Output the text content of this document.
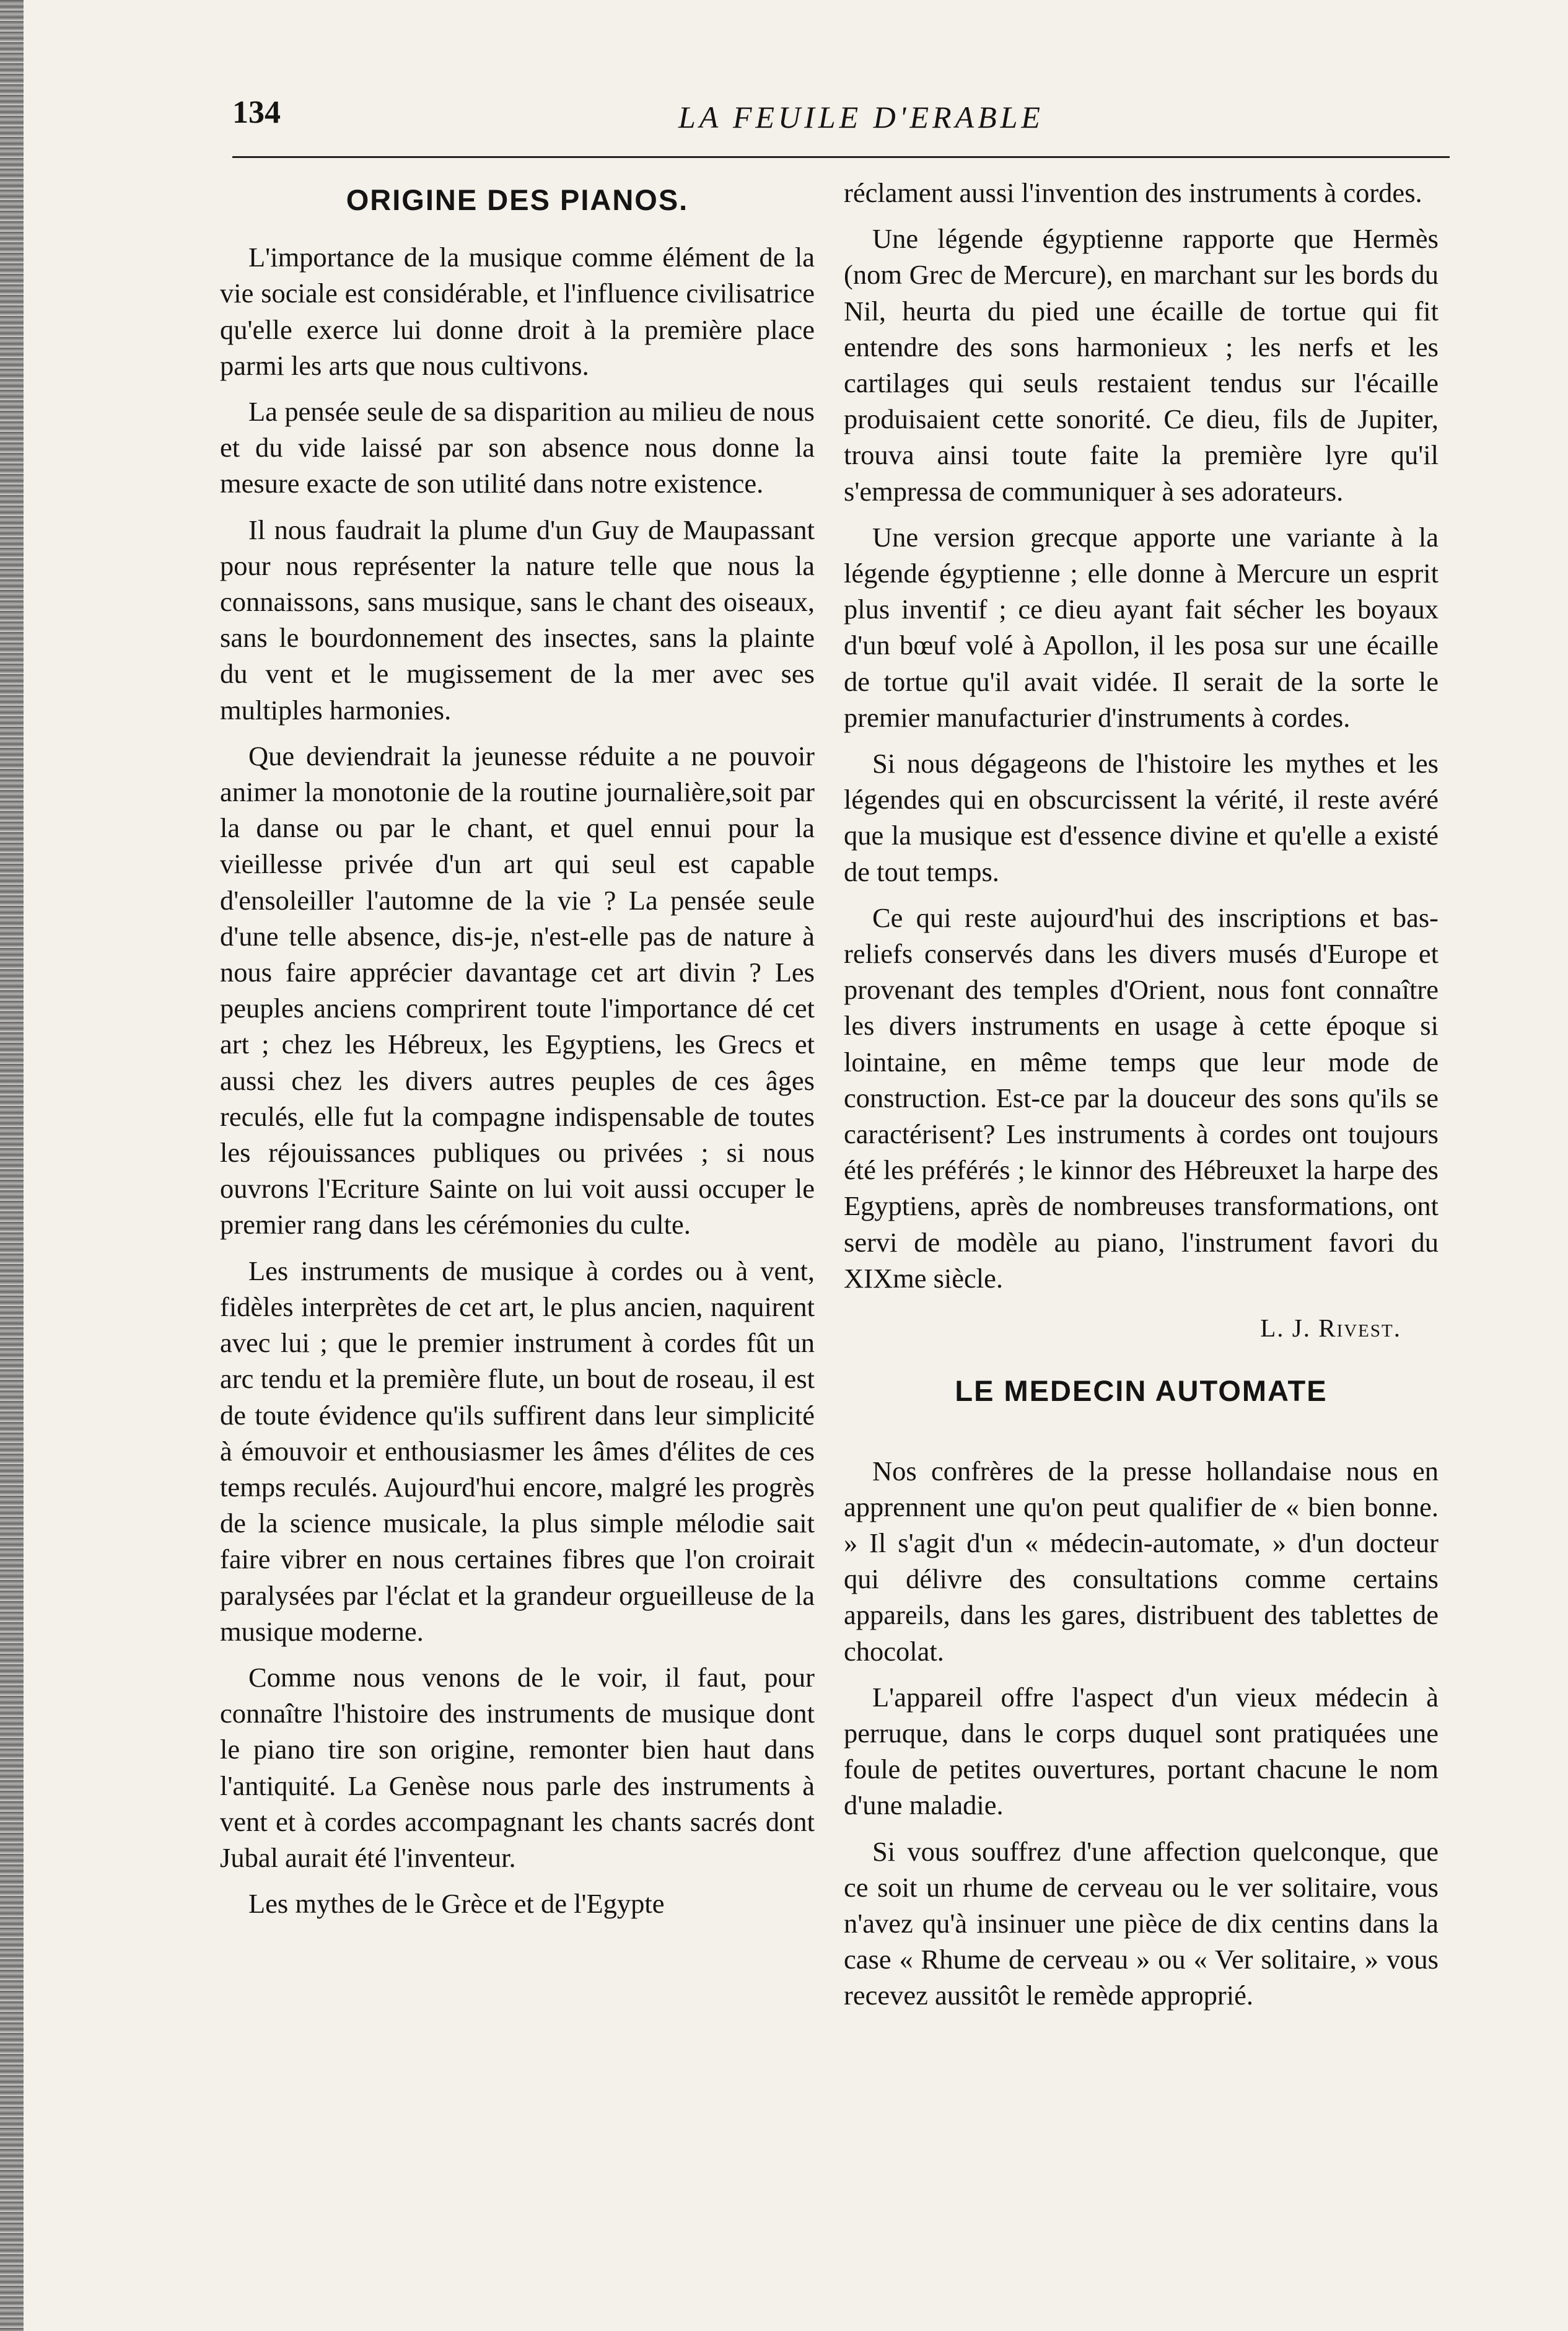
134	LA FEUILE D'ERABLE
ORIGINE DES PIANOS.

L'importance de la musique comme élément de la vie sociale est considérable, et l'influence civilisatrice qu'elle exerce lui donne droit à la première place parmi les arts que nous cultivons.

La pensée seule de sa disparition au milieu de nous et du vide laissé par son absence nous donne la mesure exacte de son utilité dans notre existence.

Il nous faudrait la plume d'un Guy de Maupassant pour nous représenter la nature telle que nous la connaissons, sans musique, sans le chant des oiseaux, sans le bourdonnement des insectes, sans la plainte du vent et le mugissement de la mer avec ses multiples harmonies.

Que deviendrait la jeunesse réduite a ne pouvoir animer la monotonie de la routine journalière,soit par la danse ou par le chant, et quel ennui pour la vieillesse privée d'un art qui seul est capable d'ensoleiller l'automne de la vie ? La pensée seule d'une telle absence, dis-je, n'est-elle pas de nature à nous faire apprécier davantage cet art divin ? Les peuples anciens comprirent toute l'importance dé cet art ; chez les Hébreux, les Egyptiens, les Grecs et aussi chez les divers autres peuples de ces âges reculés, elle fut la compagne indispensable de toutes les réjouissances publiques ou privées ; si nous ouvrons l'Ecriture Sainte on lui voit aussi occuper le premier rang dans les cérémonies du culte.

Les instruments de musique à cordes ou à vent, fidèles interprètes de cet art, le plus ancien, naquirent avec lui ; que le premier instrument à cordes fût un arc tendu et la première flute, un bout de roseau, il est de toute évidence qu'ils suffirent dans leur simplicité à émouvoir et enthousiasmer les âmes d'élites de ces temps reculés. Aujourd'hui encore, malgré les progrès de la science musicale, la plus simple mélodie sait faire vibrer en nous certaines fibres que l'on croirait paralysées par l'éclat et la grandeur orgueilleuse de la musique moderne.

Comme nous venons de le voir, il faut, pour connaître l'histoire des instruments de musique dont le piano tire son origine, remonter bien haut dans l'antiquité. La Genèse nous parle des instruments à vent et à cordes accompagnant les chants sacrés dont Jubal aurait été l'inventeur.

Les mythes de le Grèce et de l'Egypte

réclament aussi l'invention des instruments à cordes.

Une légende égyptienne rapporte que Hermès (nom Grec de Mercure), en marchant sur les bords du Nil, heurta du pied une écaille de tortue qui fit entendre des sons harmonieux ; les nerfs et les cartilages qui seuls restaient tendus sur l'écaille produisaient cette sonorité. Ce dieu, fils de Jupiter, trouva ainsi toute faite la première lyre qu'il s'empressa de communiquer à ses adorateurs.

Une version grecque apporte une variante à la légende égyptienne ; elle donne à Mercure un esprit plus inventif ; ce dieu ayant fait sécher les boyaux d'un bœuf volé à Apollon, il les posa sur une écaille de tortue qu'il avait vidée. Il serait de la sorte le premier manufacturier d'instruments à cordes.

Si nous dégageons de l'histoire les mythes et les légendes qui en obscurcissent la vérité, il reste avéré que la musique est d'essence divine et qu'elle a existé de tout temps.

Ce qui reste aujourd'hui des inscriptions et bas-reliefs conservés dans les divers musés d'Europe et provenant des temples d'Orient, nous font connaître les divers instruments en usage à cette époque si lointaine, en même temps que leur mode de construction. Est-ce par la douceur des sons qu'ils se caractérisent? Les instruments à cordes ont toujours été les préférés ; le kinnor des Hébreuxet la harpe des Egyptiens, après de nombreuses transformations, ont servi de modèle au piano, l'instrument favori du XIXme siècle.

L. J. Rivest.
LE MEDECIN AUTOMATE

Nos confrères de la presse hollandaise nous en apprennent une qu'on peut qualifier de « bien bonne. » Il s'agit d'un « médecin-automate, » d'un docteur qui délivre des consultations comme certains appareils, dans les gares, distribuent des tablettes de chocolat.

L'appareil offre l'aspect d'un vieux médecin à perruque, dans le corps duquel sont pratiquées une foule de petites ouvertures, portant chacune le nom d'une maladie.

Si vous souffrez d'une affection quelconque, que ce soit un rhume de cerveau ou le ver solitaire, vous n'avez qu'à insinuer une pièce de dix centins dans la case « Rhume de cerveau » ou « Ver solitaire, » vous recevez aussitôt le remède approprié.
